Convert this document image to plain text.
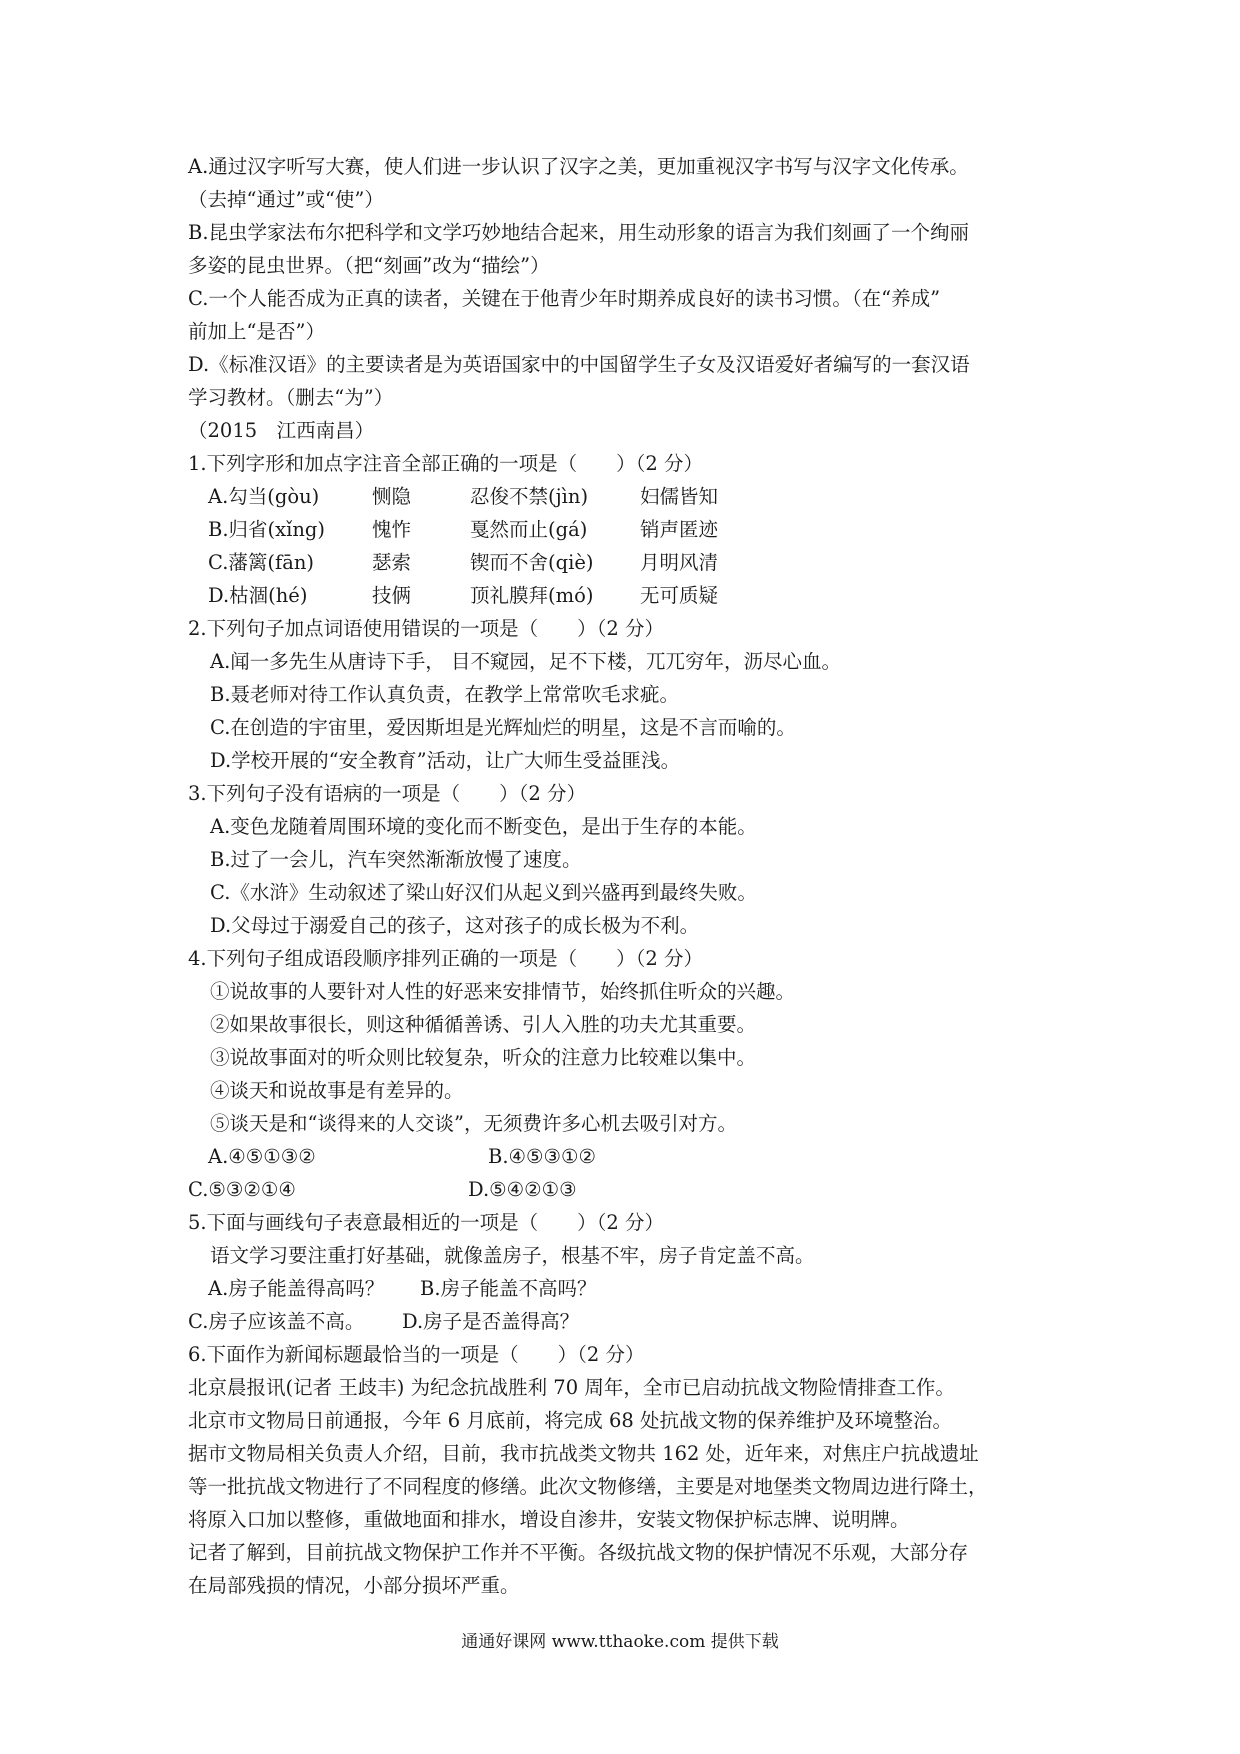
A.通过汉字听写大赛，使人们进一步认识了汉字之美，更加重视汉字书写与汉字文化传承。
（去掉“通过”或“使”）
B.昆虫学家法布尔把科学和文学巧妙地结合起来，用生动形象的语言为我们刻画了一个绚丽
多姿的昆虫世界。（把“刻画”改为“描绘”）
C.一个人能否成为正真的读者，关键在于他青少年时期养成良好的读书习惯。（在“养成”
前加上“是否”）
D.《标准汉语》的主要读者是为英语国家中的中国留学生子女及汉语爱好者编写的一套汉语
学习教材。（删去“为”）
（2015　江西南昌）
1.下列字形和加点字注音全部正确的一项是（　　）（2 分）
A.勾当(gòu)	恻隐	忍俊不禁(jìn)	妇儒皆知
B.归省(xǐng) 愧怍	戛然而止(gá)	销声匿迹
C.藩篱(fān)	瑟索	锲而不舍(qiè) 月明风清
D.枯涸(hé)	技俩	顶礼膜拜(mó) 无可质疑
2.下列句子加点词语使用错误的一项是（　　）（2 分）
A.闻一多先生从唐诗下手， 目不窥园，足不下楼，兀兀穷年，沥尽心血。
B.聂老师对待工作认真负责，在教学上常常吹毛求疵。
C.在创造的宇宙里，爱因斯坦是光辉灿烂的明星，这是不言而喻的。
D.学校开展的“安全教育”活动，让广大师生受益匪浅。
3.下列句子没有语病的一项是（　　）（2 分）
A.变色龙随着周围环境的变化而不断变色，是出于生存的本能。
B.过了一会儿，汽车突然渐渐放慢了速度。
C.《水浒》生动叙述了梁山好汉们从起义到兴盛再到最终失败。
D.父母过于溺爱自己的孩子，这对孩子的成长极为不利。
4.下列句子组成语段顺序排列正确的一项是（　　）（2 分）
①说故事的人要针对人性的好恶来安排情节，始终抓住听众的兴趣。
②如果故事很长，则这种循循善诱、引人入胜的功夫尤其重要。
③说故事面对的听众则比较复杂，听众的注意力比较难以集中。
④谈天和说故事是有差异的。
⑤谈天是和“谈得来的人交谈”，无须费许多心机去吸引对方。
A.④⑤①③②	B.④⑤③①②
C.⑤③②①④	D.⑤④②①③
5.下面与画线句子表意最相近的一项是（　　）（2 分）
语文学习要注重打好基础，就像盖房子，根基不牢，房子肯定盖不高。
A.房子能盖得高吗？ B.房子能盖不高吗？
C.房子应该盖不高。 D.房子是否盖得高？
6.下面作为新闻标题最恰当的一项是（　　）（2 分）
北京晨报讯(记者 王歧丰) 为纪念抗战胜利 70 周年，全市已启动抗战文物险情排查工作。
北京市文物局日前通报，今年 6 月底前，将完成 68 处抗战文物的保养维护及环境整治。
据市文物局相关负责人介绍，目前，我市抗战类文物共 162 处，近年来，对焦庄户抗战遗址
等一批抗战文物进行了不同程度的修缮。此次文物修缮，主要是对地堡类文物周边进行降土，
将原入口加以整修，重做地面和排水，增设自渗井，安装文物保护标志牌、说明牌。
记者了解到，目前抗战文物保护工作并不平衡。各级抗战文物的保护情况不乐观，大部分存
在局部残损的情况，小部分损坏严重。
通通好课网 www.tthaoke.com 提供下载
